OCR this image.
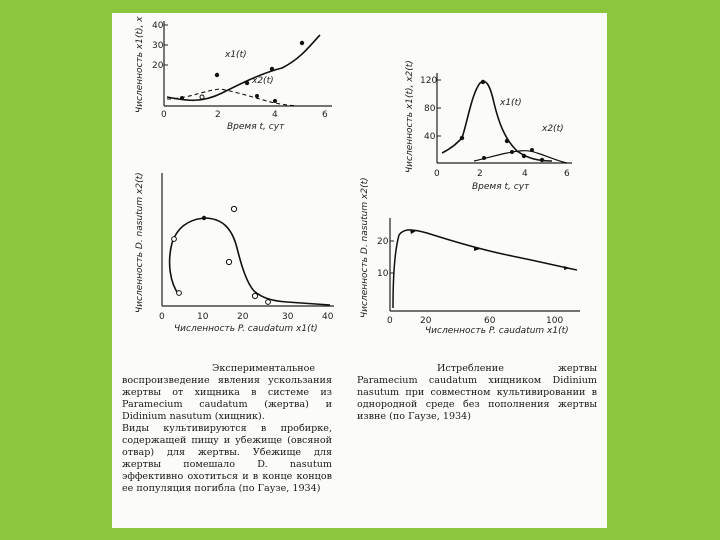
20
30
40
0	2	4	6
Время t, сут
Численность x1(t), x	x1(t)
x2(t)
40
80
120
0	2	4	6
Время t, сут
Численность x1(t), x2(t)	x1(t)
x2(t)
0	10	20	30	40
Численность P. caudatum x1(t)
Численность D. nasutum x2(t)	10
20
0	20	60	100
Численность P. caudatum x1(t)
Численность D. nasutum x2(t)

Экспериментальное воспроизведение явления ускользания жертвы от хищника в системе из Paramecium caudatum (жертва) и Didinium nasutum (хищник).

Виды культивируются в пробирке, содержащей пищу и убежище (овсяной отвар) для жертвы. Убежище для жертвы помешало D. nasutum эффективно охотиться и в конце концов ее популяция погибла (по Гаузе, 1934)

Истребление жертвы Paramecium caudatum хищником Didinium nasutum при совместном культивировании в однородной среде без пополнения жертвы извне (по Гаузе, 1934)
